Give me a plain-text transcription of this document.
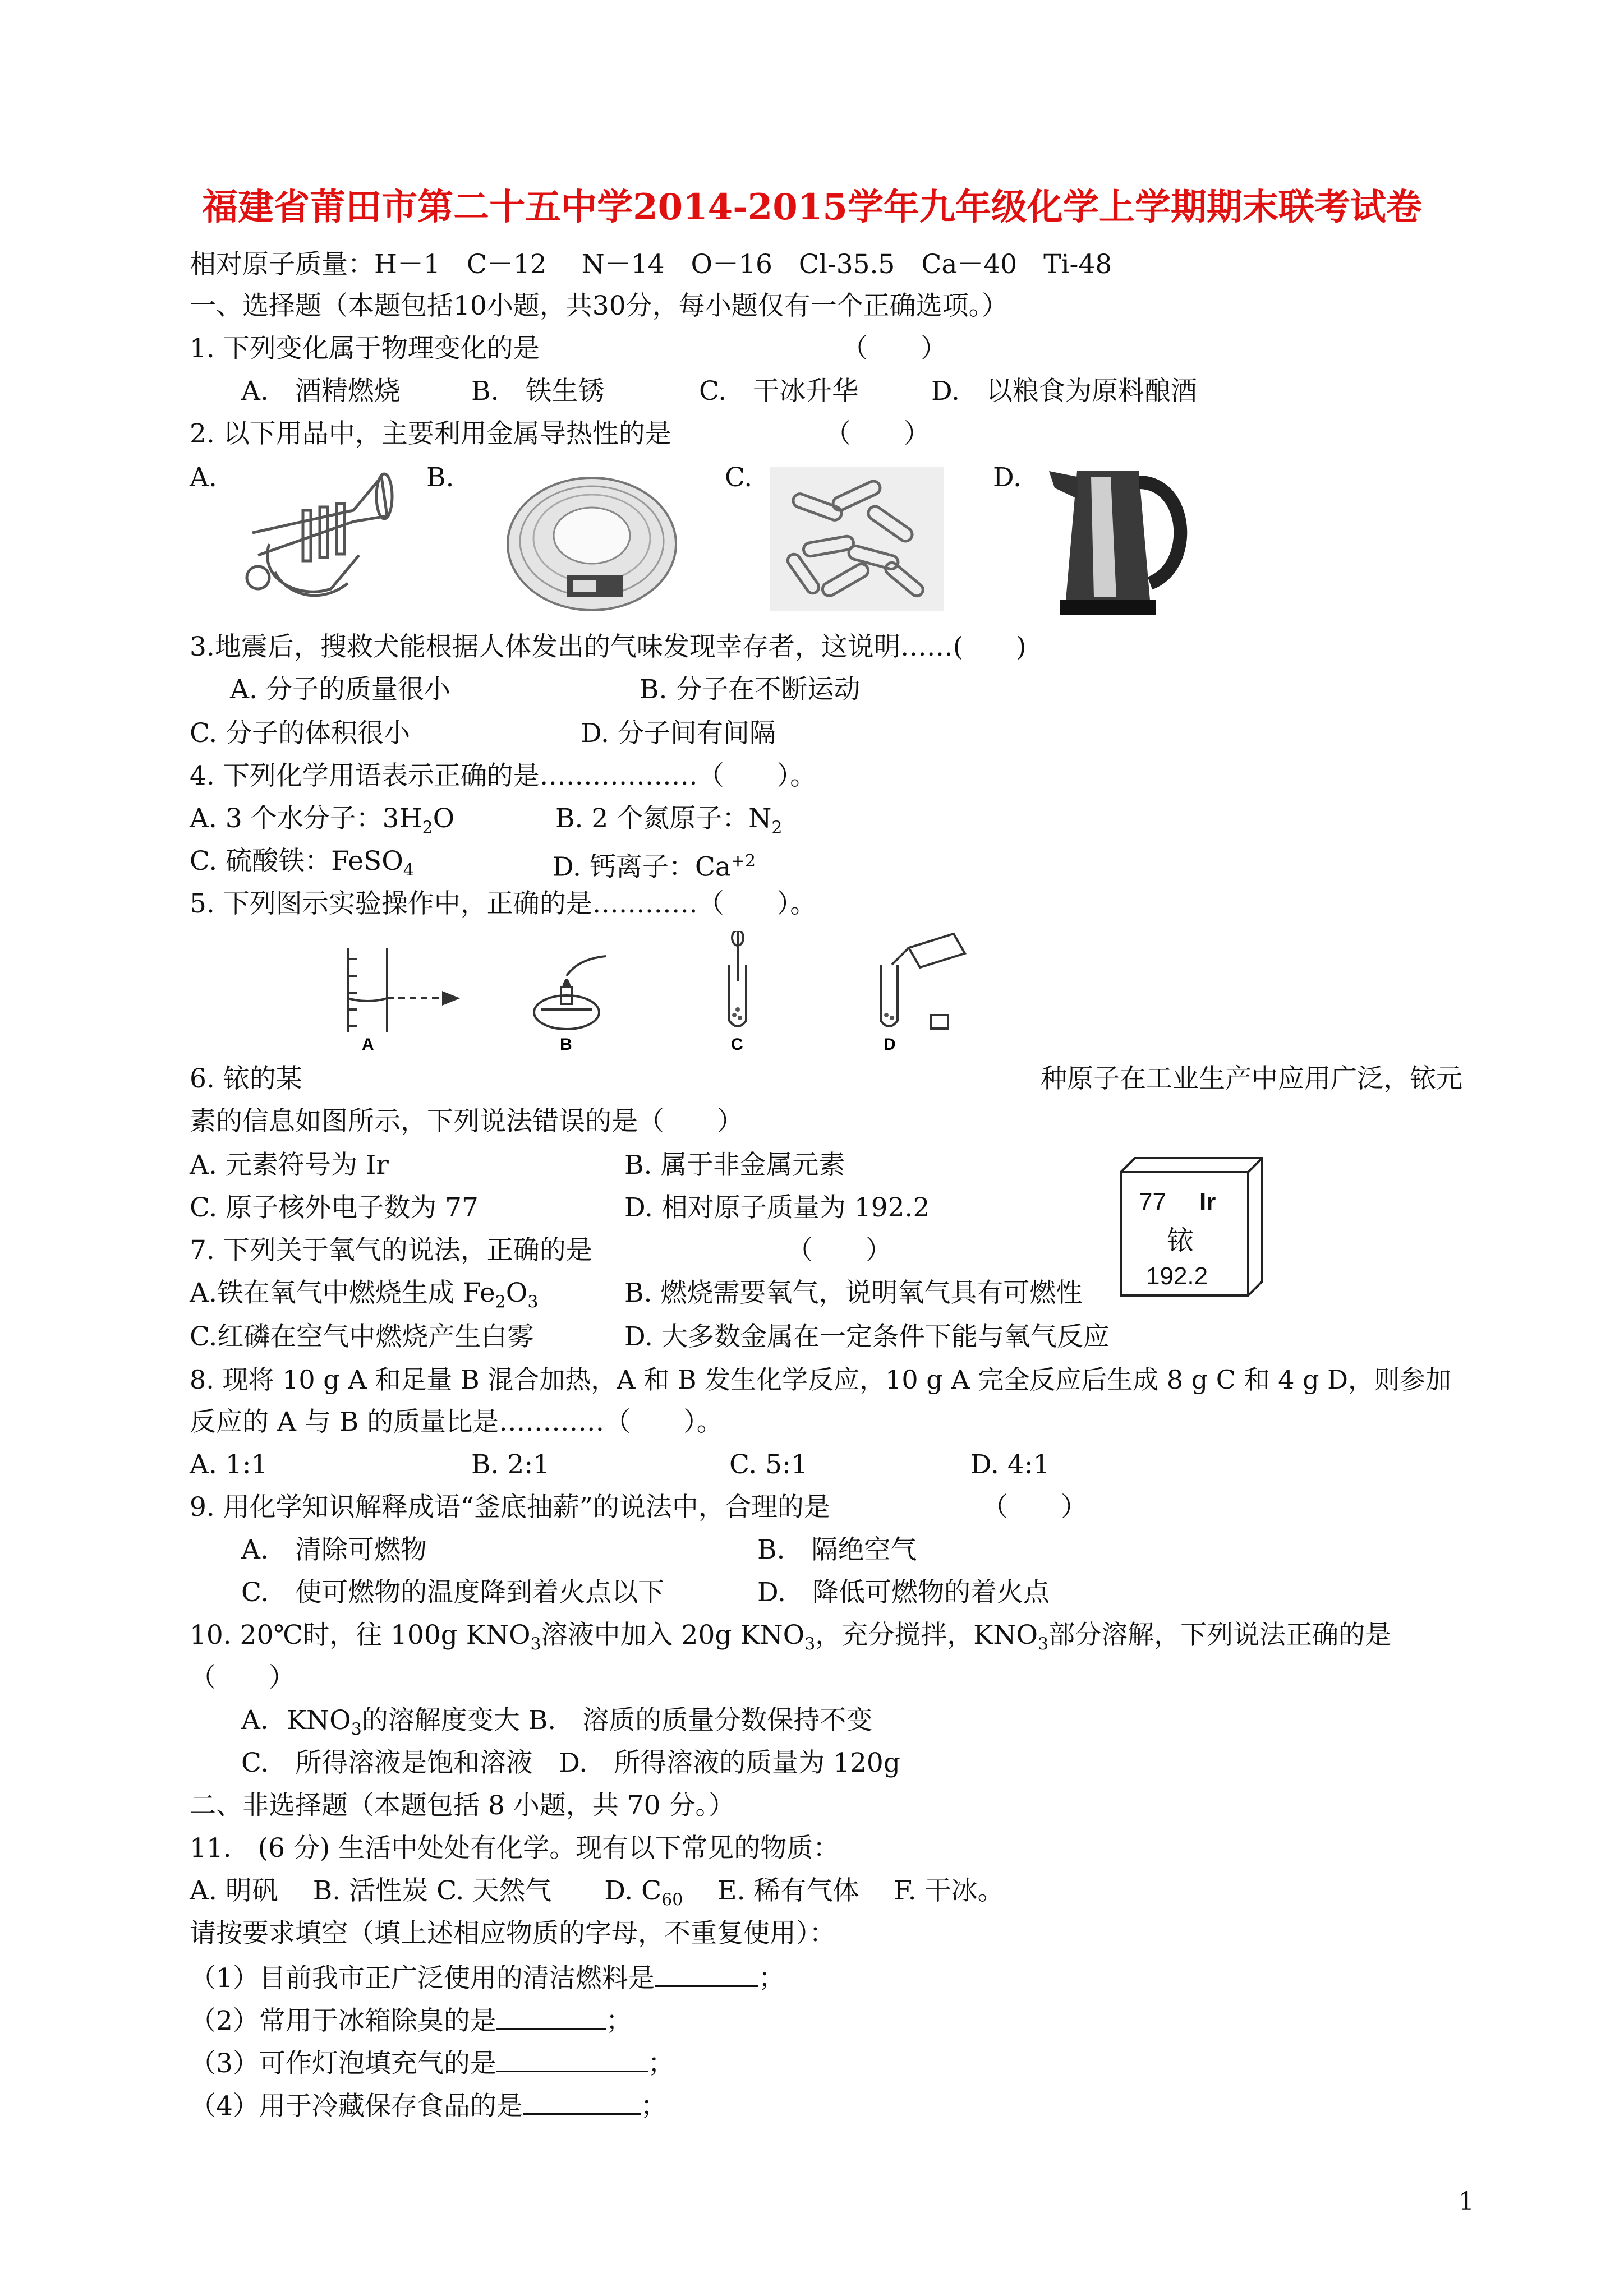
福建省莆田市第二十五中学2014-2015学年九年级化学上学期期末联考试卷
相对原子质量：H－1　C－12　 N－14　O－16　Cl-35.5　Ca－40　Ti-48
一、选择题（本题包括10小题，共30分，每小题仅有一个正确选项。）
1. 下列变化属于物理变化的是	（　　）
A.　酒精燃烧	B.　铁生锈	C.　干冰升华	D.　以粮食为原料酿酒
2. 以下用品中，主要利用金属导热性的是	（　　）
A.	B.	C.	D.
3.地震后，搜救犬能根据人体发出的气味发现幸存者，这说明……(　　)
A. 分子的质量很小	B. 分子在不断运动
C. 分子的体积很小	D. 分子间有间隔
4. 下列化学用语表示正确的是………………（　　）。
A. 3 个水分子：$3H_2O$	B. 2 个氮原子：$N_2$
C. 硫酸铁：FeSO$_4$	D. 钙离子：$Ca^{+2}$
5. 下列图示实验操作中，正确的是…………（　　）。
A	B	C	D
6. 铱的某	种原子在工业生产中应用广泛，铱元
素的信息如图所示，下列说法错误的是（　　）
A. 元素符号为 Ir	B. 属于非金属元素
C. 原子核外电子数为 77	D. 相对原子质量为 192.2	77 Ir
铱
192.2
7. 下列关于氧气的说法，正确的是	（　　）
A.铁在氧气中燃烧生成 $Fe_2O_3$	B. 燃烧需要氧气，说明氧气具有可燃性
C.红磷在空气中燃烧产生白雾	D. 大多数金属在一定条件下能与氧气反应
8. 现将 10 g A 和足量 B 混合加热，A 和 B 发生化学反应，10 g A 完全反应后生成 8 g C 和 4 g D，则参加
反应的 A 与 B 的质量比是…………（　　）。
A. 1:1	B. 2:1	C. 5:1	D. 4:1
9. 用化学知识解释成语“釜底抽薪”的说法中，合理的是	（　　）
A.　清除可燃物	B.　隔绝空气
C.　使可燃物的温度降到着火点以下	D.　降低可燃物的着火点
10. 20℃时，往 100g $KNO_3$溶液中加入 20g $KNO_3$，充分搅拌，$KNO_3$部分溶解，下列说法正确的是
（　　）
A．$KNO_3$的溶解度变大 B.　溶质的质量分数保持不变
C.　所得溶液是饱和溶液　D.　所得溶液的质量为 120g
二、非选择题（本题包括 8 小题，共 70 分。）
11.　(6 分) 生活中处处有化学。现有以下常见的物质：
A. 明矾　 B. 活性炭 C. 天然气　　D. $C_{60}$　 E. 稀有气体　 F. 干冰。
请按要求填空（填上述相应物质的字母，不重复使用）：
（1）目前我市正广泛使用的清洁燃料是	；
（2）常用于冰箱除臭的是	；
（3）可作灯泡填充气的是	；
（4）用于冷藏保存食品的是	；
1
